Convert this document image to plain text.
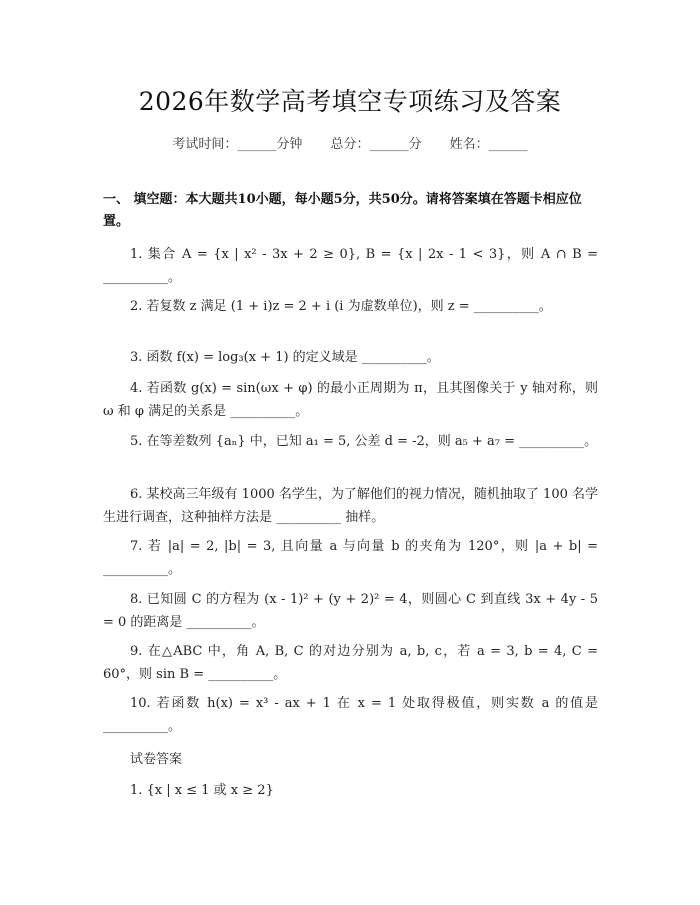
2026年数学高考填空专项练习及答案
考试时间：______分钟 总分：______分 姓名：______
一、 填空题：本大题共10小题，每小题5分，共50分。请将答案填在答题卡相应位置。
1. 集合 A = {x | x² - 3x + 2 ≥ 0}, B = {x | 2x - 1 < 3}，则 A ∩ B = __________。
2. 若复数 z 满足 (1 + i)z = 2 + i (i 为虚数单位)，则 z = __________。
3. 函数 f(x) = log₃(x + 1) 的定义域是 __________。
4. 若函数 g(x) = sin(ωx + φ) 的最小正周期为 π，且其图像关于 y 轴对称，则 ω 和 φ 满足的关系是 __________。
5. 在等差数列 {aₙ} 中，已知 a₁ = 5, 公差 d = -2，则 a₅ + a₇ = __________。
6. 某校高三年级有 1000 名学生，为了解他们的视力情况，随机抽取了 100 名学生进行调查，这种抽样方法是 __________ 抽样。
7. 若 |a| = 2, |b| = 3, 且向量 a 与向量 b 的夹角为 120°，则 |a + b| = __________。
8. 已知圆 C 的方程为 (x - 1)² + (y + 2)² = 4，则圆心 C 到直线 3x + 4y - 5 = 0 的距离是 __________。
9. 在△ABC 中，角 A, B, C 的对边分别为 a, b, c，若 a = 3, b = 4, C = 60°，则 sin B = __________。
10. 若函数 h(x) = x³ - ax + 1 在 x = 1 处取得极值，则实数 a 的值是 __________。
试卷答案
1. {x | x ≤ 1 或 x ≥ 2}
